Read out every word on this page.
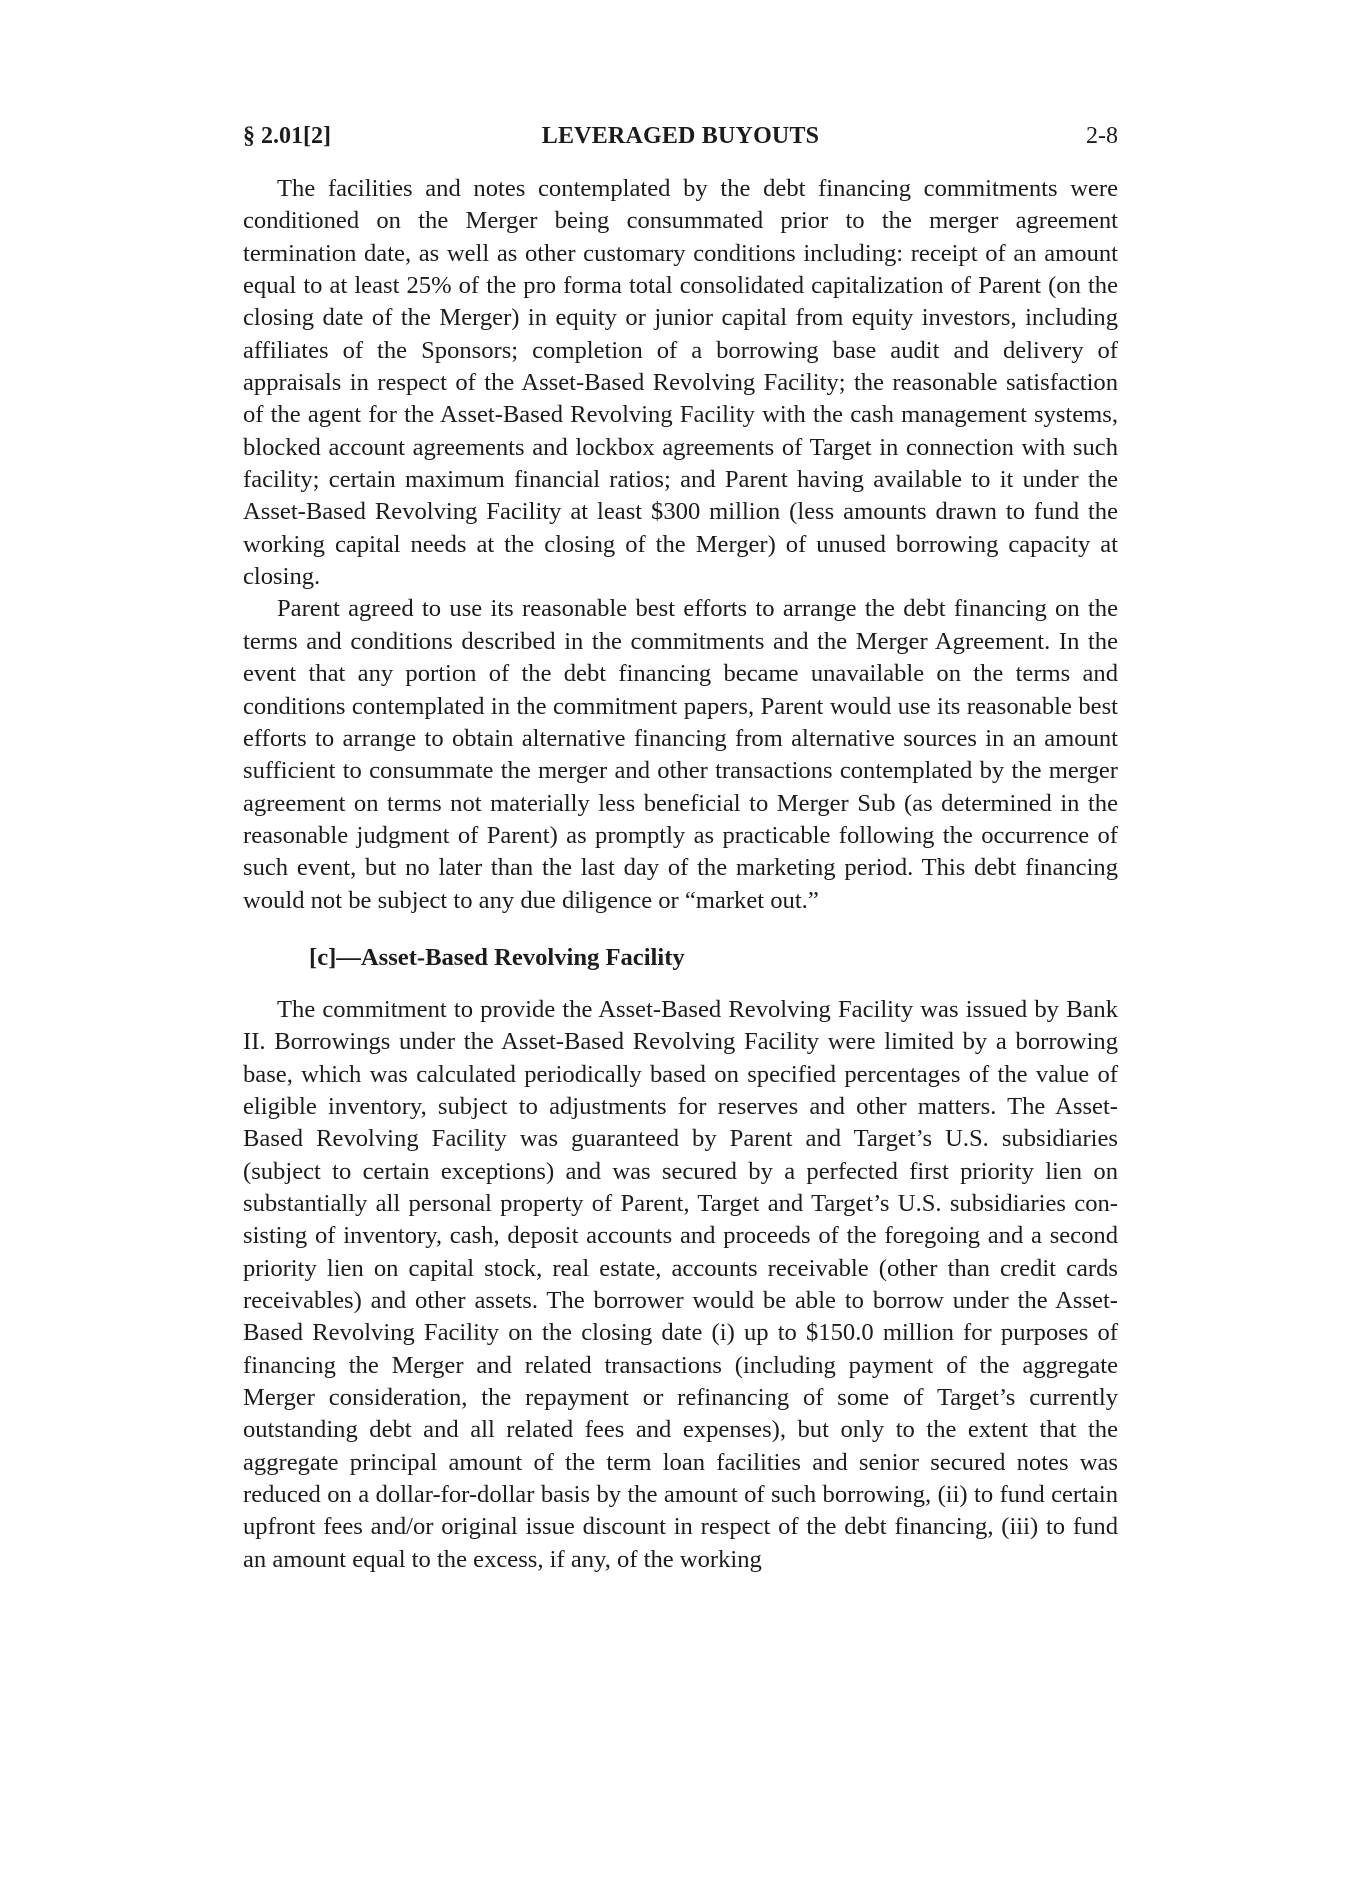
§ 2.01[2]	LEVERAGED BUYOUTS	2-8

The facilities and notes contemplated by the debt financing commitments were conditioned on the Merger being consummated prior to the merger agreement termination date, as well as other customary conditions including: receipt of an amount equal to at least 25% of the pro forma total consolidated capitalization of Parent (on the closing date of the Merger) in equity or junior capital from equity investors, including affiliates of the Sponsors; completion of a borrowing base audit and delivery of appraisals in respect of the Asset-Based Revolving Facility; the reasonable satisfaction of the agent for the Asset-Based Revolving Facility with the cash management systems, blocked account agreements and lockbox agreements of Target in connection with such facility; certain maximum financial ratios; and Parent having available to it under the Asset-Based Revolving Facility at least $300 million (less amounts drawn to fund the working capital needs at the closing of the Merger) of unused borrowing capacity at closing.

Parent agreed to use its reasonable best efforts to arrange the debt financing on the terms and conditions described in the commitments and the Merger Agreement. In the event that any portion of the debt financing became unavailable on the terms and conditions contemplated in the commitment papers, Parent would use its reasonable best efforts to arrange to obtain alternative financing from alternative sources in an amount sufficient to consummate the merger and other transactions contemplated by the merger agreement on terms not materially less beneficial to Merger Sub (as determined in the reasonable judgment of Parent) as promptly as practicable following the occurrence of such event, but no later than the last day of the marketing period. This debt financing would not be subject to any due diligence or “market out.”

[c]—Asset-Based Revolving Facility

The commitment to provide the Asset-Based Revolving Facility was issued by Bank II. Borrowings under the Asset-Based Revolving Facility were limited by a borrowing base, which was calculated periodically based on specified percentages of the value of eligible inventory, subject to adjustments for reserves and other matters. The Asset-Based Revolving Facility was guaranteed by Parent and Target’s U.S. subsidiaries (subject to certain exceptions) and was secured by a perfected first priority lien on substantially all personal property of Parent, Target and Target’s U.S. subsidiaries consisting of inventory, cash, deposit accounts and proceeds of the foregoing and a second priority lien on capital stock, real estate, accounts receivable (other than credit cards receivables) and other assets. The borrower would be able to borrow under the Asset-Based Revolving Facility on the closing date (i) up to $150.0 million for purposes of financing the Merger and related transactions (including payment of the aggregate Merger consideration, the repayment or refinancing of some of Target’s currently outstanding debt and all related fees and expenses), but only to the extent that the aggregate principal amount of the term loan facilities and senior secured notes was reduced on a dollar-for-dollar basis by the amount of such borrowing, (ii) to fund certain upfront fees and/or original issue discount in respect of the debt financing, (iii) to fund an amount equal to the excess, if any, of the working
